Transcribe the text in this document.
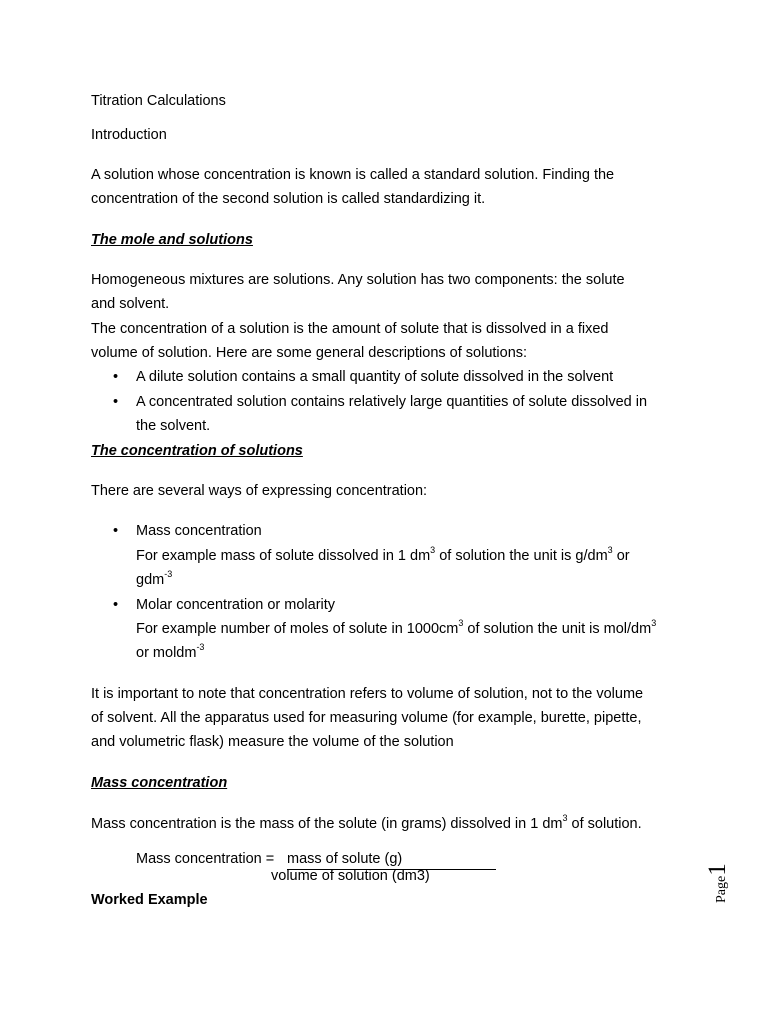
Titration Calculations

Introduction

A solution whose concentration is known is called a standard solution. Finding the

concentration of the second solution is called standardizing it.

The mole and solutions

Homogeneous mixtures are solutions. Any solution has two components: the solute

and solvent.

The concentration of a solution is the amount of solute that is dissolved in a fixed

volume of solution. Here are some general descriptions of solutions:

• A dilute solution contains a small quantity of solute dissolved in the solvent
• A concentrated solution contains relatively large quantities of solute dissolved in
the solvent.

The concentration of solutions

There are several ways of expressing concentration:

• Mass concentration
For example mass of solute dissolved in 1 $dm^3$ of solution the unit is $g/dm^3$ or
gdm$^{-3}$
• Molar concentration or molarity
For example number of moles of solute in $1000cm^3$ of solution the unit is mol/$dm^3$
or moldm$^{-3}$

It is important to note that concentration refers to volume of solution, not to the volume

of solvent. All the apparatus used for measuring volume (for example, burette, pipette,

and volumetric flask) measure the volume of the solution

Mass concentration

Mass concentration is the mass of the solute (in grams) dissolved in 1 $dm^3$ of solution.

Mass concentration = mass of solute (g)
volume of solution (dm3)

Worked Example	Page1
